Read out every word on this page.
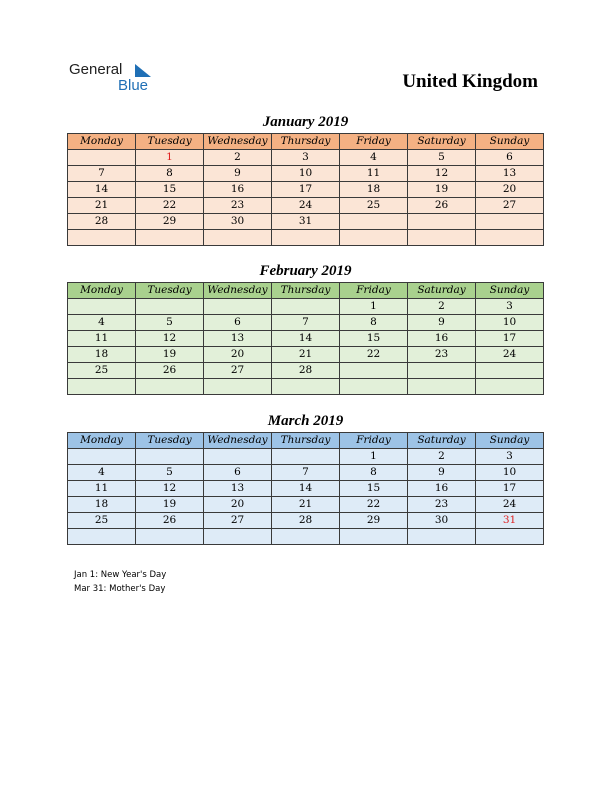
General
Blue	United Kingdom
January 2019
Monday	Tuesday	Wednesday	Thursday	Friday	Saturday	Sunday
	1	2	3	4	5	6
7	8	9	10	11	12	13
14	15	16	17	18	19	20
21	22	23	24	25	26	27
28	29	30	31			

February 2019
Monday	Tuesday	Wednesday	Thursday	Friday	Saturday	Sunday
				1	2	3
4	5	6	7	8	9	10
11	12	13	14	15	16	17
18	19	20	21	22	23	24
25	26	27	28			

March 2019
Monday	Tuesday	Wednesday	Thursday	Friday	Saturday	Sunday
				1	2	3
4	5	6	7	8	9	10
11	12	13	14	15	16	17
18	19	20	21	22	23	24
25	26	27	28	29	30	31

Jan 1: New Year's Day
Mar 31: Mother's Day
